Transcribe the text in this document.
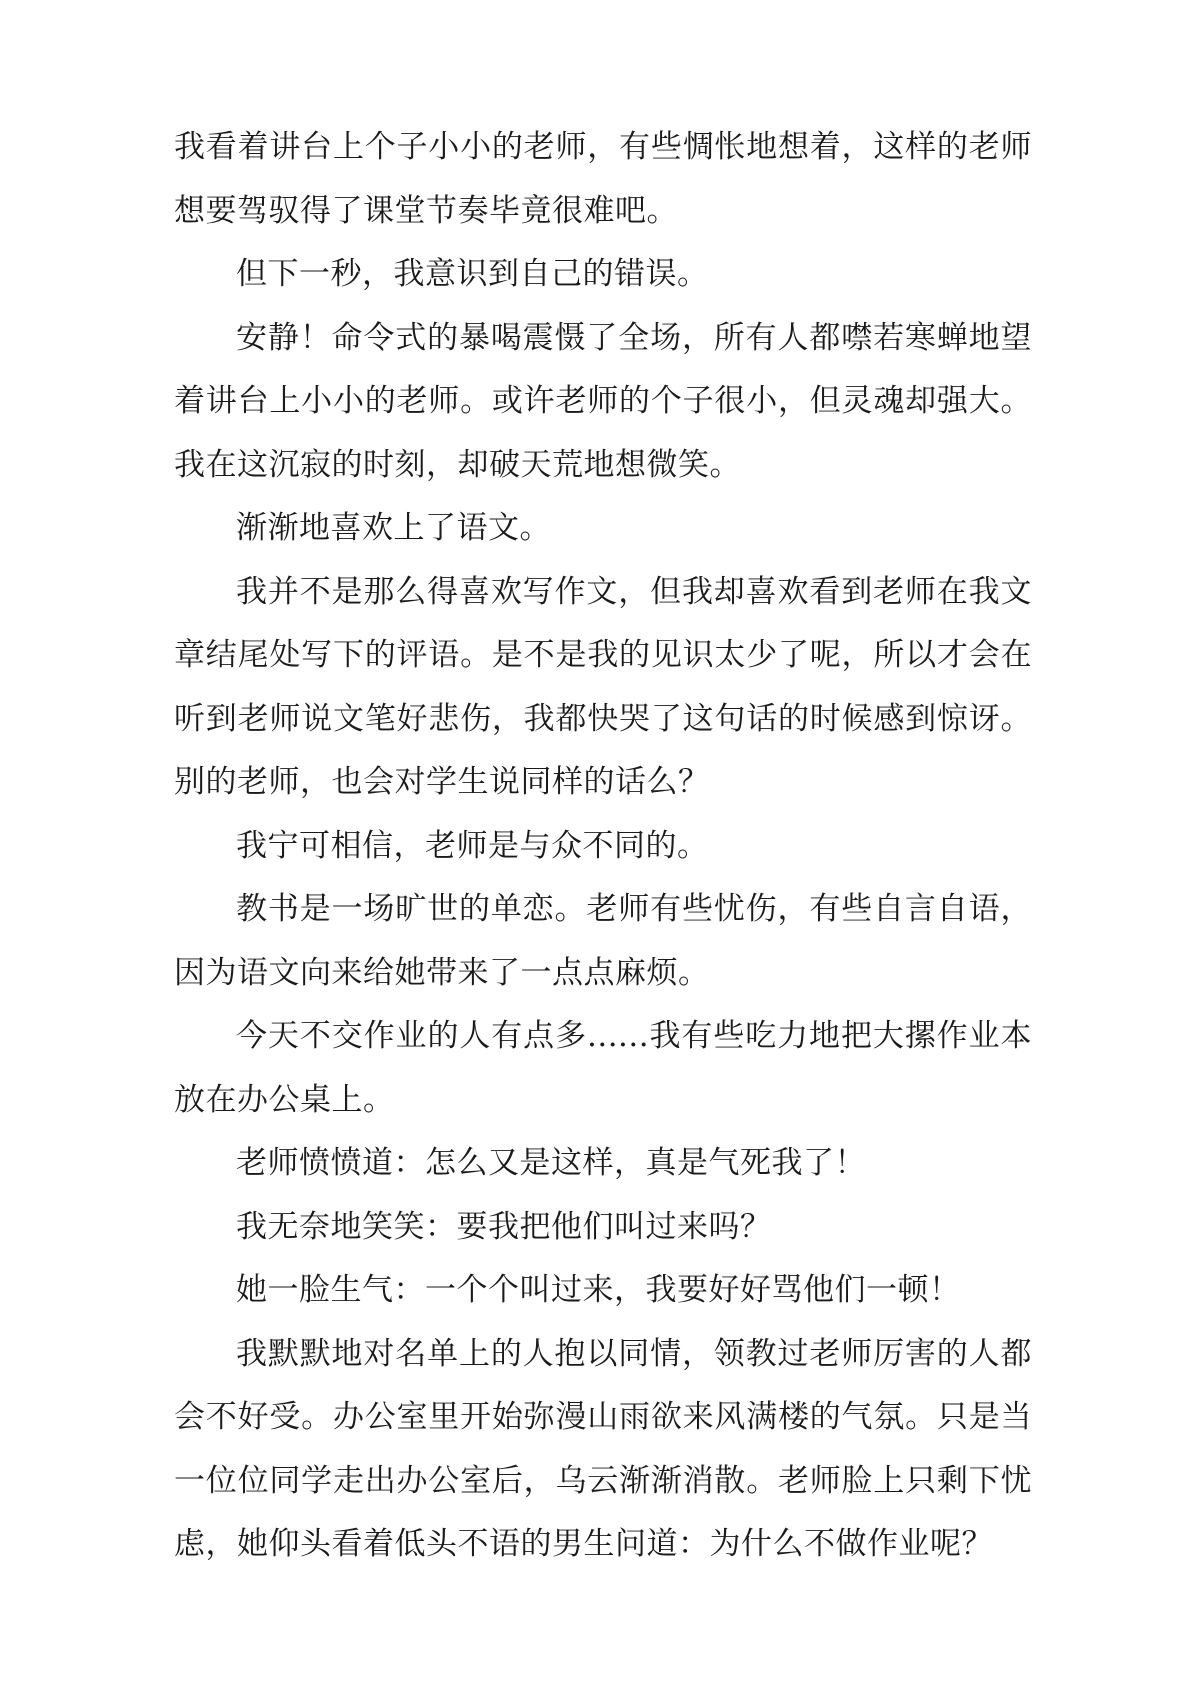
我看着讲台上个子小小的老师，有些惆怅地想着，这样的老师想要驾驭得了课堂节奏毕竟很难吧。

但下一秒，我意识到自己的错误。

安静！命令式的暴喝震慑了全场，所有人都噤若寒蝉地望着讲台上小小的老师。或许老师的个子很小，但灵魂却强大。我在这沉寂的时刻，却破天荒地想微笑。

渐渐地喜欢上了语文。

我并不是那么得喜欢写作文，但我却喜欢看到老师在我文章结尾处写下的评语。是不是我的见识太少了呢，所以才会在听到老师说文笔好悲伤，我都快哭了这句话的时候感到惊讶。别的老师，也会对学生说同样的话么？

我宁可相信，老师是与众不同的。

教书是一场旷世的单恋。老师有些忧伤，有些自言自语，因为语文向来给她带来了一点点麻烦。

今天不交作业的人有点多......我有些吃力地把大摞作业本放在办公桌上。

老师愤愤道：怎么又是这样，真是气死我了！

我无奈地笑笑：要我把他们叫过来吗？

她一脸生气：一个个叫过来，我要好好骂他们一顿！

我默默地对名单上的人抱以同情，领教过老师厉害的人都会不好受。办公室里开始弥漫山雨欲来风满楼的气氛。只是当一位位同学走出办公室后，乌云渐渐消散。老师脸上只剩下忧虑，她仰头看着低头不语的男生问道：为什么不做作业呢？
